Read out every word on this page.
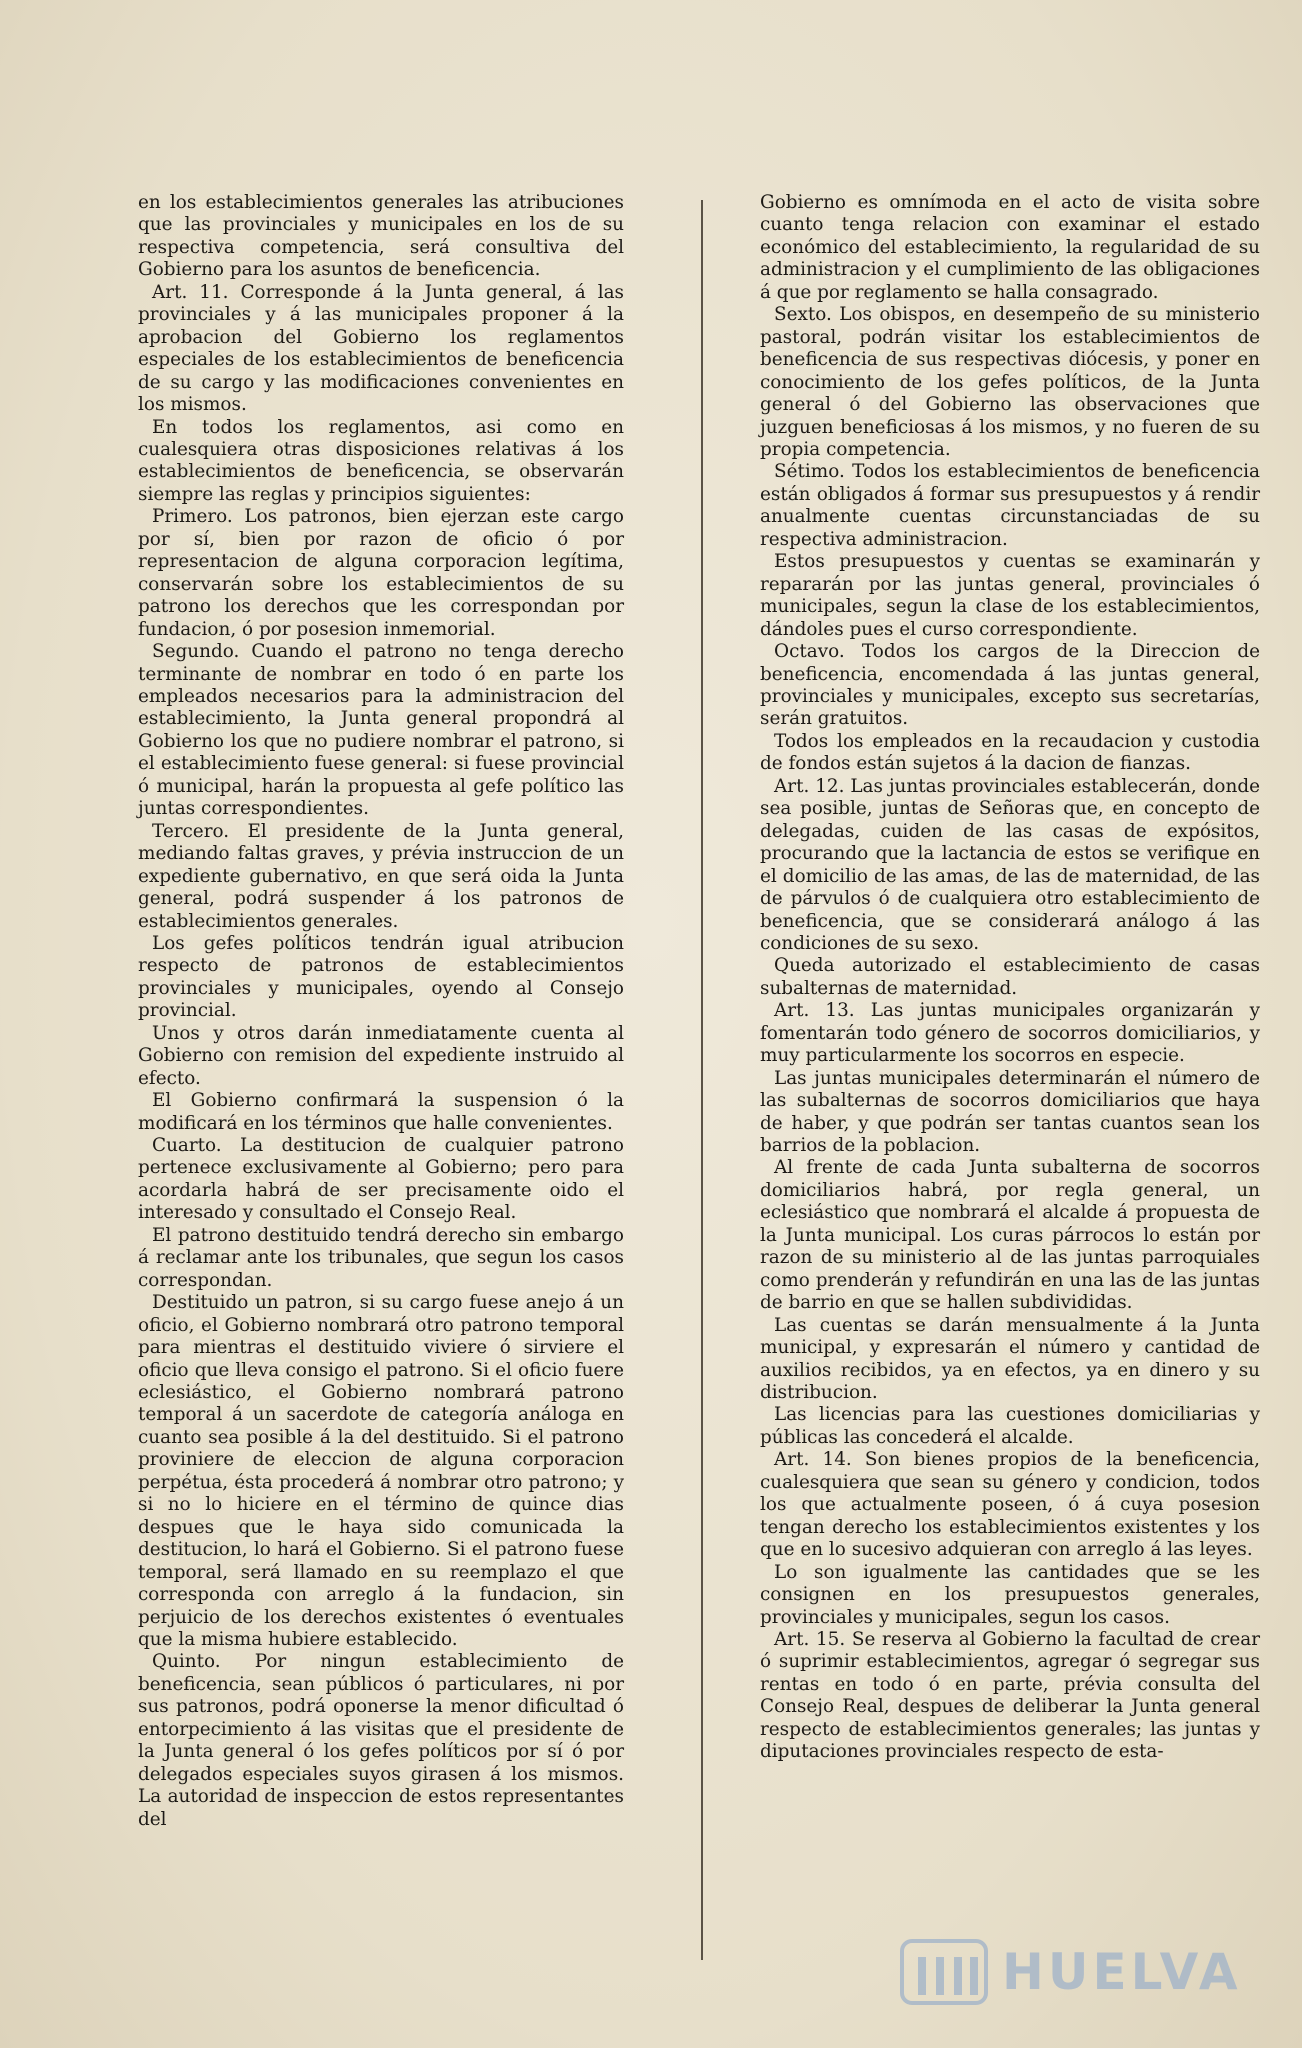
en los establecimientos generales las atribuciones que las provinciales y municipales en los de su respectiva competencia, será consultiva del Gobierno para los asuntos de beneficencia.

Art. 11. Corresponde á la Junta general, á las provinciales y á las municipales proponer á la aprobacion del Gobierno los reglamentos especiales de los establecimientos de beneficencia de su cargo y las modificaciones convenientes en los mismos.

En todos los reglamentos, asi como en cualesquiera otras disposiciones relativas á los establecimientos de beneficencia, se observarán siempre las reglas y principios siguientes:

Primero. Los patronos, bien ejerzan este cargo por sí, bien por razon de oficio ó por representacion de alguna corporacion legítima, conservarán sobre los establecimientos de su patrono los derechos que les correspondan por fundacion, ó por posesion inmemorial.

Segundo. Cuando el patrono no tenga derecho terminante de nombrar en todo ó en parte los empleados necesarios para la administracion del establecimiento, la Junta general propondrá al Gobierno los que no pudiere nombrar el patrono, si el establecimiento fuese general: si fuese provincial ó municipal, harán la propuesta al gefe político las juntas correspondientes.

Tercero. El presidente de la Junta general, mediando faltas graves, y prévia instruccion de un expediente gubernativo, en que será oida la Junta general, podrá suspender á los patronos de establecimientos generales.

Los gefes políticos tendrán igual atribucion respecto de patronos de establecimientos provinciales y municipales, oyendo al Consejo provincial.

Unos y otros darán inmediatamente cuenta al Gobierno con remision del expediente instruido al efecto.

El Gobierno confirmará la suspension ó la modificará en los términos que halle convenientes.

Cuarto. La destitucion de cualquier patrono pertenece exclusivamente al Gobierno; pero para acordarla habrá de ser precisamente oido el interesado y consultado el Consejo Real.

El patrono destituido tendrá derecho sin embargo á reclamar ante los tribunales, que segun los casos correspondan.

Destituido un patron, si su cargo fuese anejo á un oficio, el Gobierno nombrará otro patrono temporal para mientras el destituido viviere ó sirviere el oficio que lleva consigo el patrono. Si el oficio fuere eclesiástico, el Gobierno nombrará patrono temporal á un sacerdote de categoría análoga en cuanto sea posible á la del destituido. Si el patrono proviniere de eleccion de alguna corporacion perpétua, ésta procederá á nombrar otro patrono; y si no lo hiciere en el término de quince dias despues que le haya sido comunicada la destitucion, lo hará el Gobierno. Si el patrono fuese temporal, será llamado en su reemplazo el que corresponda con arreglo á la fundacion, sin perjuicio de los derechos existentes ó eventuales que la misma hubiere establecido.

Quinto. Por ningun establecimiento de beneficencia, sean públicos ó particulares, ni por sus patronos, podrá oponerse la menor dificultad ó entorpecimiento á las visitas que el presidente de la Junta general ó los gefes políticos por sí ó por delegados especiales suyos girasen á los mismos. La autoridad de inspeccion de estos representantes del

Gobierno es omnímoda en el acto de visita sobre cuanto tenga relacion con examinar el estado económico del establecimiento, la regularidad de su administracion y el cumplimiento de las obligaciones á que por reglamento se halla consagrado.

Sexto. Los obispos, en desempeño de su ministerio pastoral, podrán visitar los establecimientos de beneficencia de sus respectivas diócesis, y poner en conocimiento de los gefes políticos, de la Junta general ó del Gobierno las observaciones que juzguen beneficiosas á los mismos, y no fueren de su propia competencia.

Sétimo. Todos los establecimientos de beneficencia están obligados á formar sus presupuestos y á rendir anualmente cuentas circunstanciadas de su respectiva administracion.

Estos presupuestos y cuentas se examinarán y repararán por las juntas general, provinciales ó municipales, segun la clase de los establecimientos, dándoles pues el curso correspondiente.

Octavo. Todos los cargos de la Direccion de beneficencia, encomendada á las juntas general, provinciales y municipales, excepto sus secretarías, serán gratuitos.

Todos los empleados en la recaudacion y custodia de fondos están sujetos á la dacion de fianzas.

Art. 12. Las juntas provinciales establecerán, donde sea posible, juntas de Señoras que, en concepto de delegadas, cuiden de las casas de expósitos, procurando que la lactancia de estos se verifique en el domicilio de las amas, de las de maternidad, de las de párvulos ó de cualquiera otro establecimiento de beneficencia, que se considerará análogo á las condiciones de su sexo.

Queda autorizado el establecimiento de casas subalternas de maternidad.

Art. 13. Las juntas municipales organizarán y fomentarán todo género de socorros domiciliarios, y muy particularmente los socorros en especie.

Las juntas municipales determinarán el número de las subalternas de socorros domiciliarios que haya de haber, y que podrán ser tantas cuantos sean los barrios de la poblacion.

Al frente de cada Junta subalterna de socorros domiciliarios habrá, por regla general, un eclesiástico que nombrará el alcalde á propuesta de la Junta municipal. Los curas párrocos lo están por razon de su ministerio al de las juntas parroquiales como prenderán y refundirán en una las de las juntas de barrio en que se hallen subdivididas.

Las cuentas se darán mensualmente á la Junta municipal, y expresarán el número y cantidad de auxilios recibidos, ya en efectos, ya en dinero y su distribucion.

Las licencias para las cuestiones domiciliarias y públicas las concederá el alcalde.

Art. 14. Son bienes propios de la beneficencia, cualesquiera que sean su género y condicion, todos los que actualmente poseen, ó á cuya posesion tengan derecho los establecimientos existentes y los que en lo sucesivo adquieran con arreglo á las leyes.

Lo son igualmente las cantidades que se les consignen en los presupuestos generales, provinciales y municipales, segun los casos.

Art. 15. Se reserva al Gobierno la facultad de crear ó suprimir establecimientos, agregar ó segregar sus rentas en todo ó en parte, prévia consulta del Consejo Real, despues de deliberar la Junta general respecto de establecimientos generales; las juntas y diputaciones provinciales respecto de esta-

HUELVA
